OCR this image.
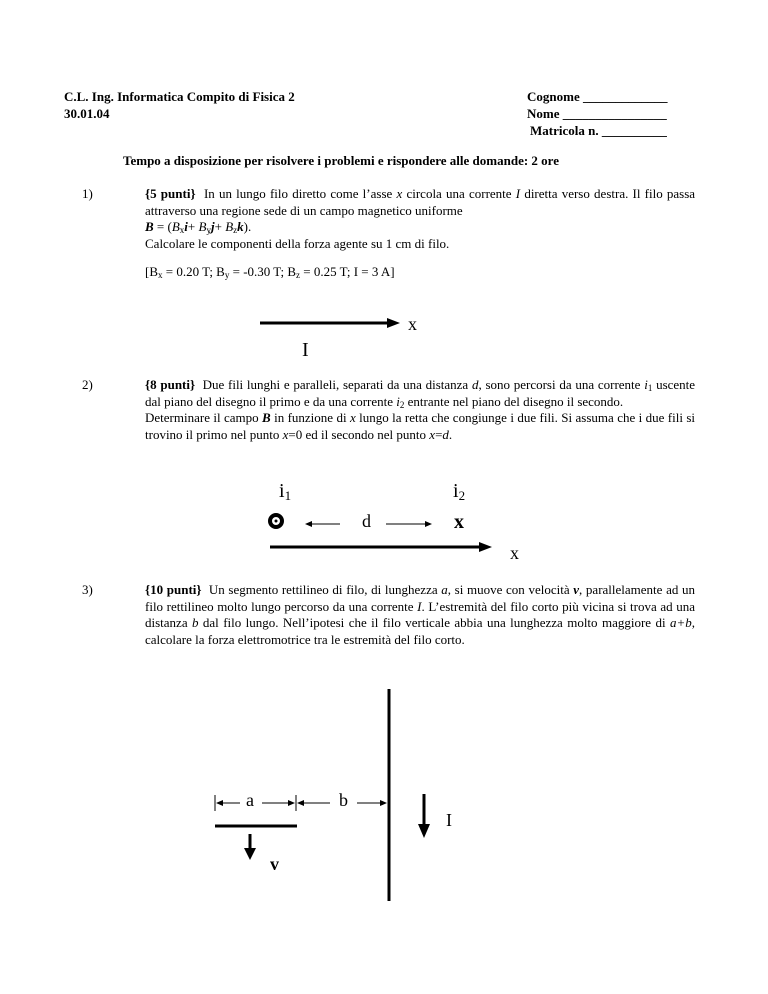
C.L. Ing. Informatica Compito di Fisica 2
30.01.04
Cognome _____________
Nome ________________
Matricola n. __________
Tempo a disposizione per risolvere i problemi e rispondere alle domande: 2 ore
1)	{5 punti} In un lungo filo diretto come l’asse x circola una corrente I diretta verso destra. Il filo passa attraverso una regione sede di un campo magnetico uniforme
$B = (B_xi+ B_yj+ B_zk)$.
Calcolare le componenti della forza agente su 1 cm di filo.
[$B_x = 0.20$ T; $B_y = -0.30$ T; $B_z = 0.25$ T; I = 3 A]
x
I
2)	{8 punti} Due fili lunghi e paralleli, separati da una distanza d, sono percorsi da una corrente $i_1$ uscente dal piano del disegno il primo e da una corrente $i_2$ entrante nel piano del disegno il secondo.
Determinare il campo B in funzione di x lungo la retta che congiunge i due fili. Si assuma che i due fili si trovino il primo nel punto x=0 ed il secondo nel punto x=d.
$i_1$	$i_2$
d	x
x
3)	{10 punti} Un segmento rettilineo di filo, di lunghezza a, si muove con velocità v, parallelamente ad un filo rettilineo molto lungo percorso da una corrente I. L’estremità del filo corto più vicina si trova ad una distanza b dal filo lungo. Nell’ipotesi che il filo verticale abbia una lunghezza molto maggiore di a+b, calcolare la forza elettromotrice tra le estremità del filo corto.
a	b
I
v
